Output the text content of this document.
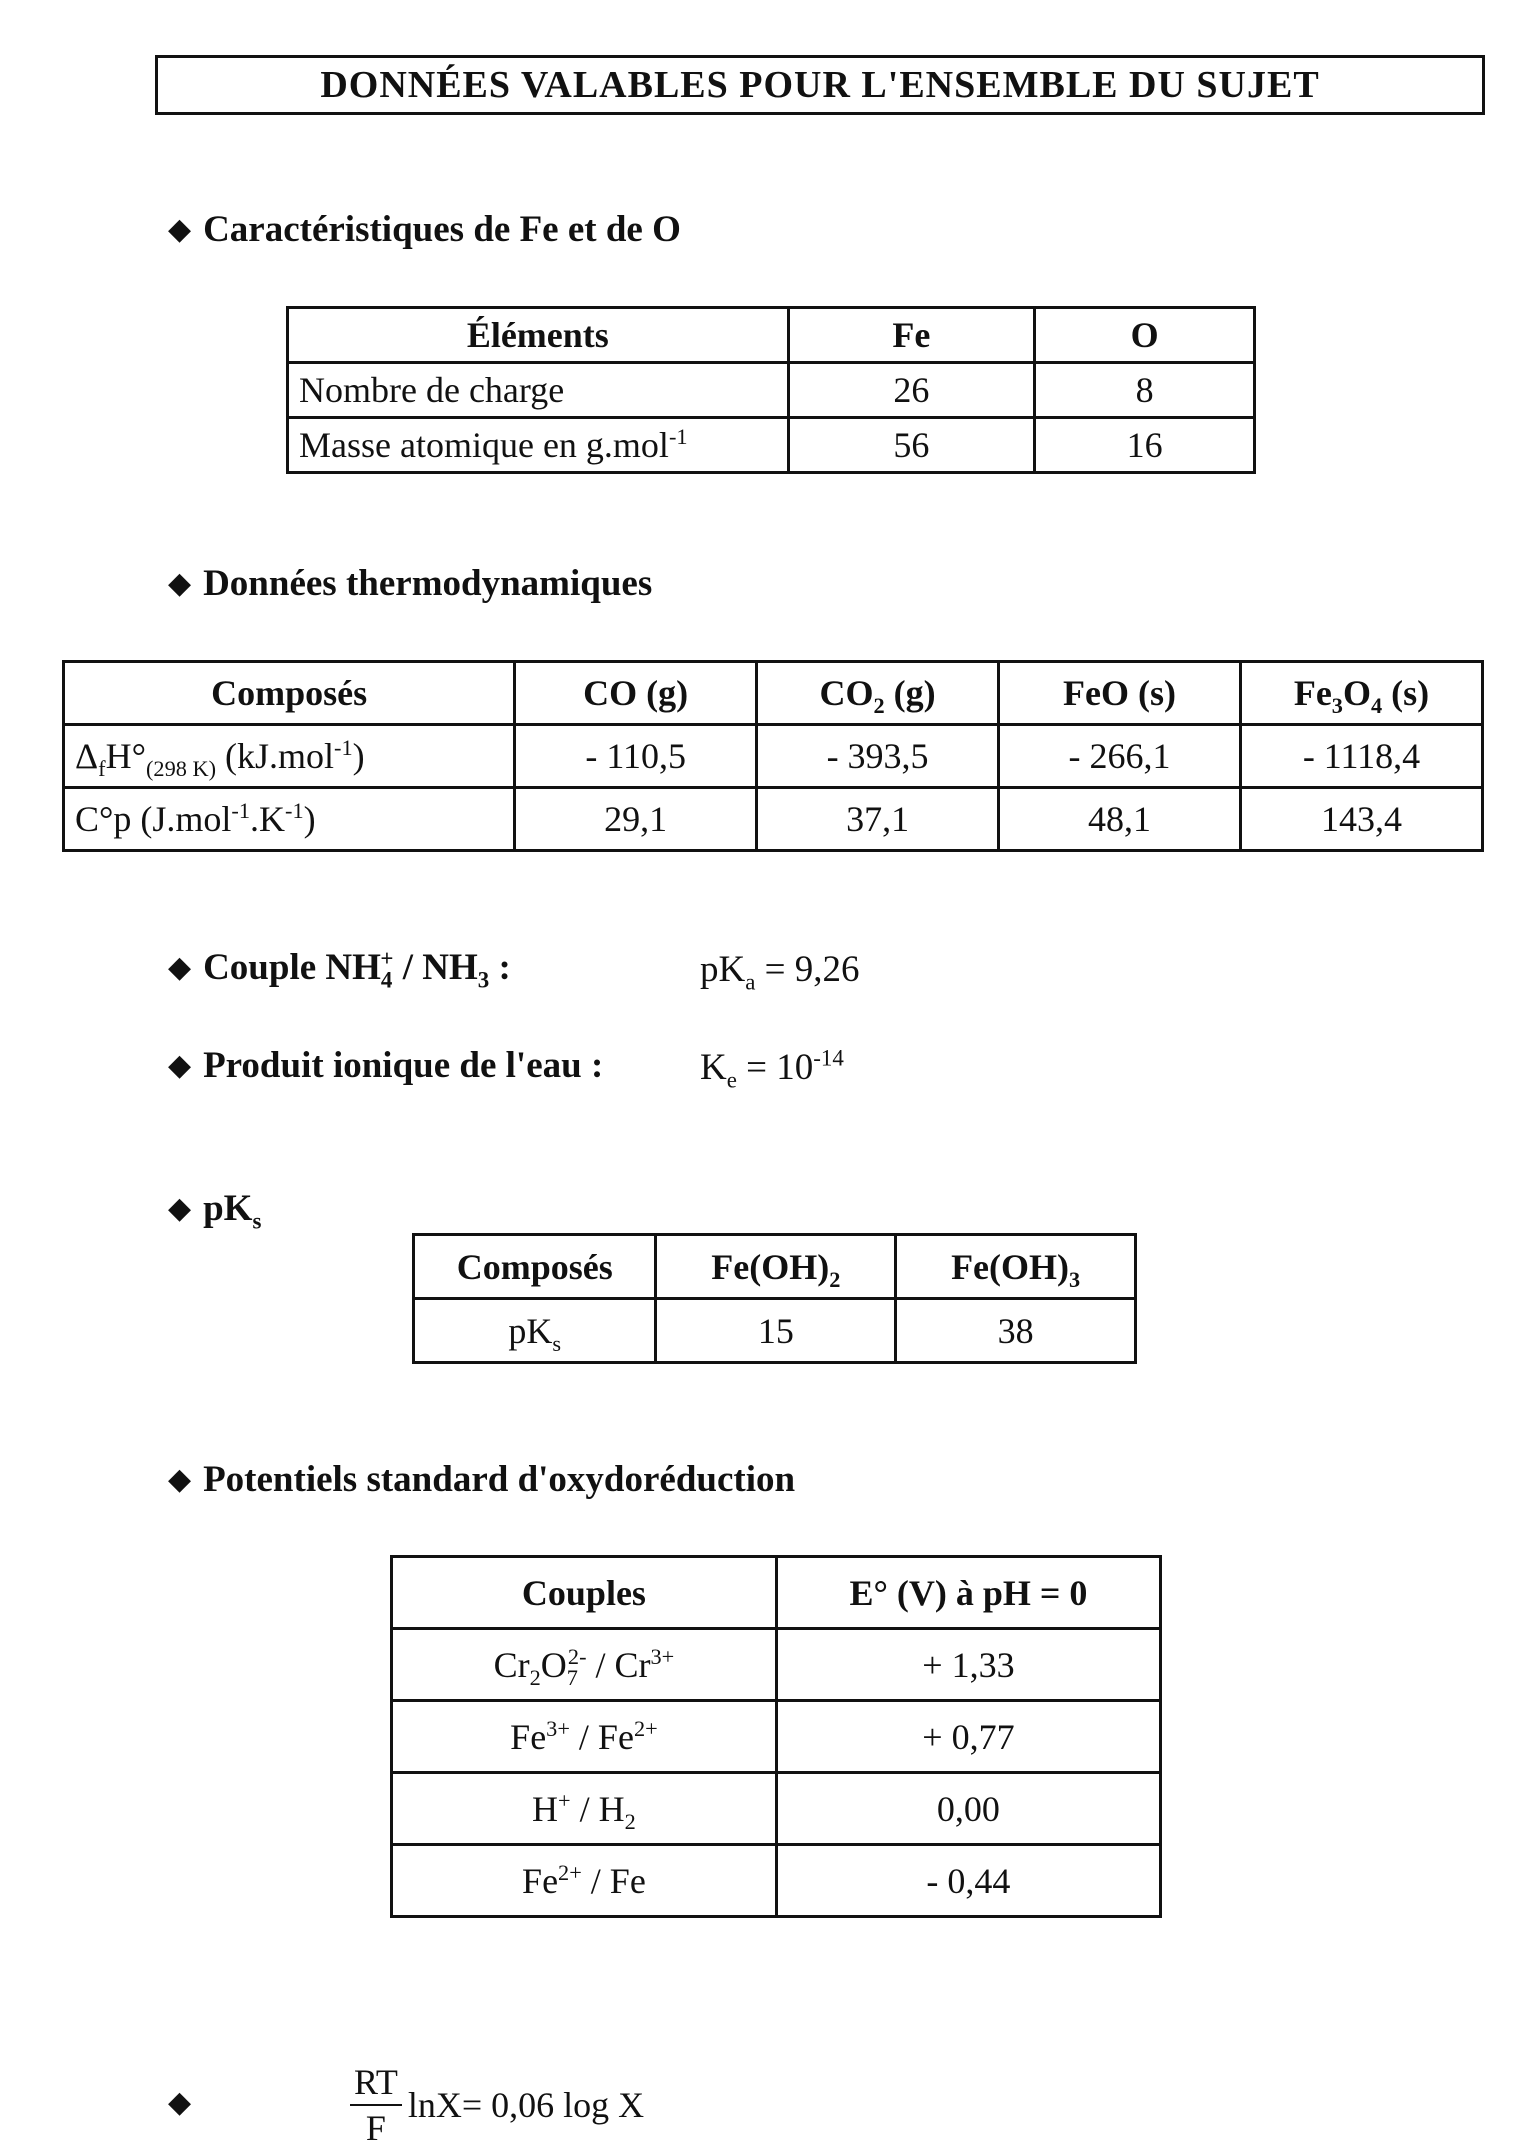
DONNÉES VALABLES POUR L'ENSEMBLE DU SUJET
◆ Caractéristiques de Fe et de O
Éléments	Fe	O
Nombre de charge	26	8
Masse atomique en g.mol$^{-1}$	56	16
◆ Données thermodynamiques
Composés	CO (g)	$CO_2$ (g)	FeO (s)	$Fe_3O_4$ (s)
$\Delta_fH^\circ_{(298 K)}$ (kJ.mol$^{-1}$)	- 110,5	- 393,5	- 266,1	- 1118,4
C°p $(J.mol^{-1}.K^{-1})$	29,1	37,1	48,1	143,4
◆ Couple $NH_4^+ / NH_3$ :	$pK_a = 9,26$
◆ Produit ionique de l'eau :	$K_e = 10^{-14}$
◆ $pK_s$
Composés	$Fe(OH)_2$	$Fe(OH)_3$
$pK_s$	15	38
◆ Potentiels standard d'oxydoréduction
Couples	E° (V) à pH = 0
$Cr_2O_7^{2-} / Cr^{3+}$	+ 1,33
$Fe^{3+} / Fe^{2+}$	+ 0,77
$H^+ / H_2$	0,00
$Fe^{2+}$ / Fe	- 0,44
◆	$\frac{RT}{F} \ln X= 0,06$ log X
